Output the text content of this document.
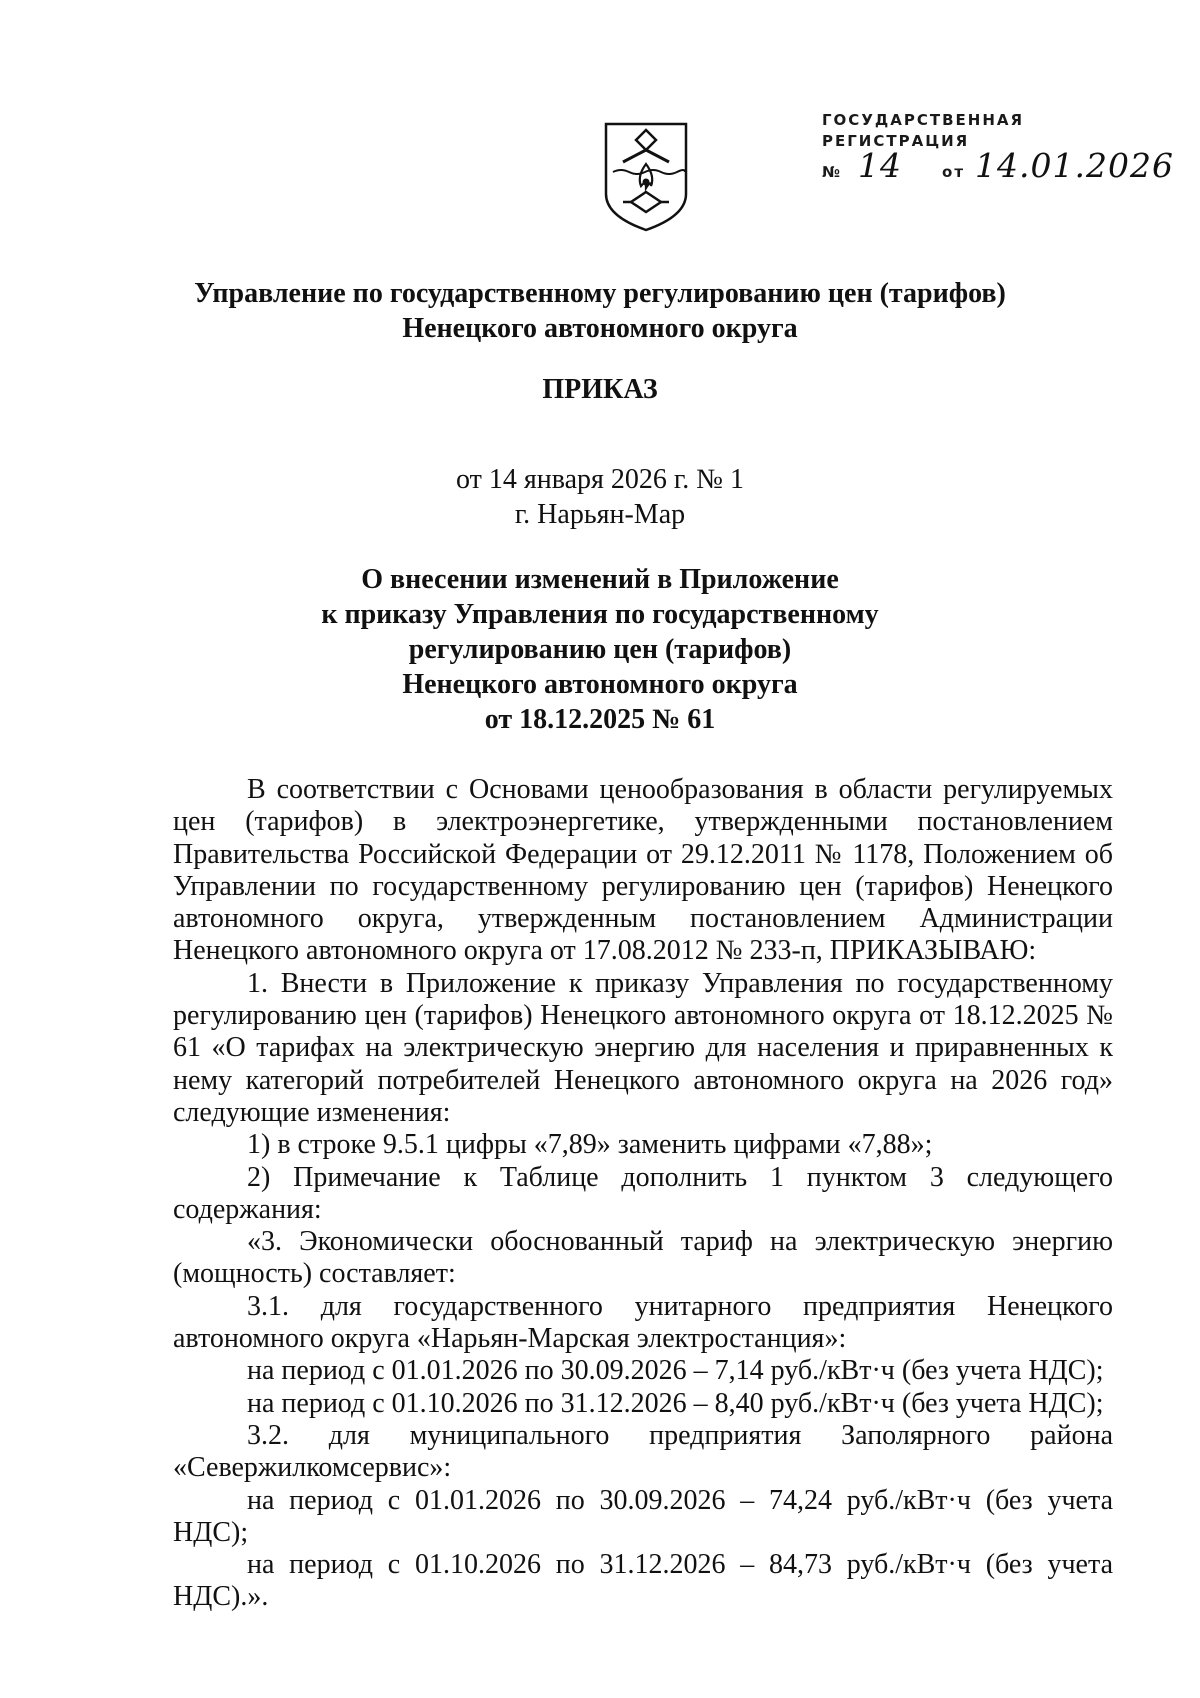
ГОСУДАРСТВЕННАЯ
РЕГИСТРАЦИЯ
№ 14	от 14.01.2026
Управление по государственному регулированию цен (тарифов)
Ненецкого автономного округа
ПРИКАЗ
от 14 января 2026 г. № 1
г. Нарьян-Мар
О внесении изменений в Приложение
к приказу Управления по государственному
регулированию цен (тарифов)
Ненецкого автономного округа
от 18.12.2025 № 61

В соответствии с Основами ценообразования в области регулируемых цен (тарифов) в электроэнергетике, утвержденными постановлением Правительства Российской Федерации от 29.12.2011 № 1178, Положением об Управлении по государственному регулированию цен (тарифов) Ненецкого автономного округа, утвержденным постановлением Администрации Ненецкого автономного округа от 17.08.2012 № 233-п, ПРИКАЗЫВАЮ:

1. Внести в Приложение к приказу Управления по государственному регулированию цен (тарифов) Ненецкого автономного округа от 18.12.2025 № 61 «О тарифах на электрическую энергию для населения и приравненных к нему категорий потребителей Ненецкого автономного округа на 2026 год» следующие изменения:

1) в строке 9.5.1 цифры «7,89» заменить цифрами «7,88»;

2) Примечание к Таблице дополнить 1 пунктом 3 следующего содержания:

«3. Экономически обоснованный тариф на электрическую энергию (мощность) составляет:

3.1. для государственного унитарного предприятия Ненецкого автономного округа «Нарьян-Марская электростанция»:

на период с 01.01.2026 по 30.09.2026 – 7,14 руб./кВт·ч (без учета НДС);

на период с 01.10.2026 по 31.12.2026 – 8,40 руб./кВт·ч (без учета НДС);

3.2. для муниципального предприятия Заполярного района «Севержилкомсервис»:

на период с 01.01.2026 по 30.09.2026 – 74,24 руб./кВт·ч (без учета НДС);

на период с 01.10.2026 по 31.12.2026 – 84,73 руб./кВт·ч (без учета НДС).».
